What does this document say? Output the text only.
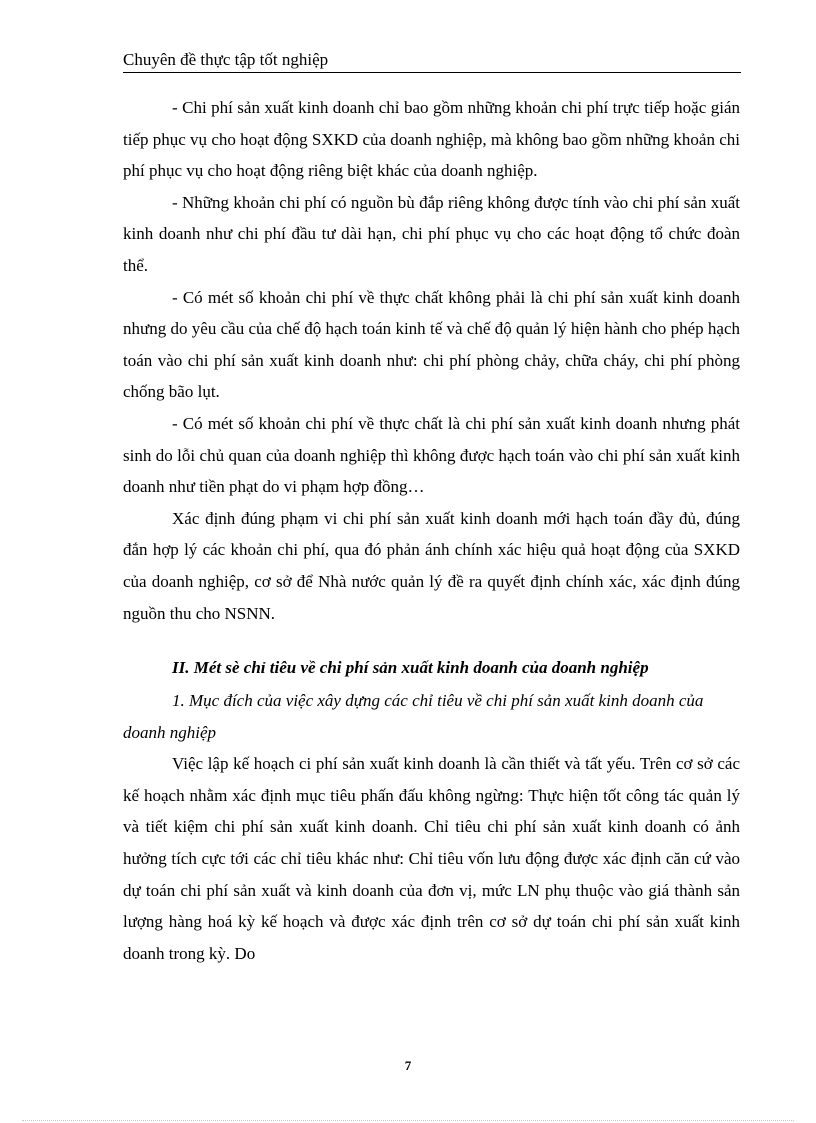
Chuyên đề thực tập tốt nghiệp

- Chi phí sản xuất kinh doanh chỉ bao gồm những khoản chi phí trực tiếp hoặc gián tiếp phục vụ cho hoạt động SXKD của doanh nghiệp, mà không bao gồm những khoản chi phí phục vụ cho hoạt động riêng biệt khác của doanh nghiệp.

- Những khoản chi phí có nguồn bù đắp riêng không được tính vào chi phí sản xuất kinh doanh như chi phí đầu tư dài hạn, chi phí phục vụ cho các hoạt động tổ chức đoàn thể.

- Có mét số khoản chi phí về thực chất không phải là chi phí sản xuất kinh doanh nhưng do yêu cầu của chế độ hạch toán kinh tế và chế độ quản lý hiện hành cho phép hạch toán vào chi phí sản xuất kinh doanh như: chi phí phòng chảy, chữa cháy, chi phí phòng chống bão lụt.

- Có mét số khoản chi phí về thực chất là chi phí sản xuất kinh doanh nhưng phát sinh do lỗi chủ quan của doanh nghiệp thì không được hạch toán vào chi phí sản xuất kinh doanh như tiền phạt do vi phạm hợp đồng…

Xác định đúng phạm vi chi phí sản xuất kinh doanh mới hạch toán đầy đủ, đúng đắn hợp lý các khoản chi phí, qua đó phản ánh chính xác hiệu quả hoạt động của SXKD của doanh nghiệp, cơ sở để Nhà nước quản lý đề ra quyết định chính xác, xác định đúng nguồn thu cho NSNN.

II. Mét sè chỉ tiêu về chi phí sản xuất kinh doanh của doanh nghiệp
1. Mục đích của việc xây dựng các chỉ tiêu về chi phí sản xuất kinh doanh của doanh nghiệp

Việc lập kế hoạch ci phí sản xuất kinh doanh là cần thiết và tất yếu. Trên cơ sở các kế hoạch nhằm xác định mục tiêu phấn đấu không ngừng: Thực hiện tốt công tác quản lý và tiết kiệm chi phí sản xuất kinh doanh. Chỉ tiêu chi phí sản xuất kinh doanh có ảnh hưởng tích cực tới các chỉ tiêu khác như: Chỉ tiêu vốn lưu động được xác định căn cứ vào dự toán chi phí sản xuất và kinh doanh của đơn vị, mức LN phụ thuộc vào giá thành sản lượng hàng hoá kỳ kế hoạch và được xác định trên cơ sở dự toán chi phí sản xuất kinh doanh trong kỳ. Do

7
